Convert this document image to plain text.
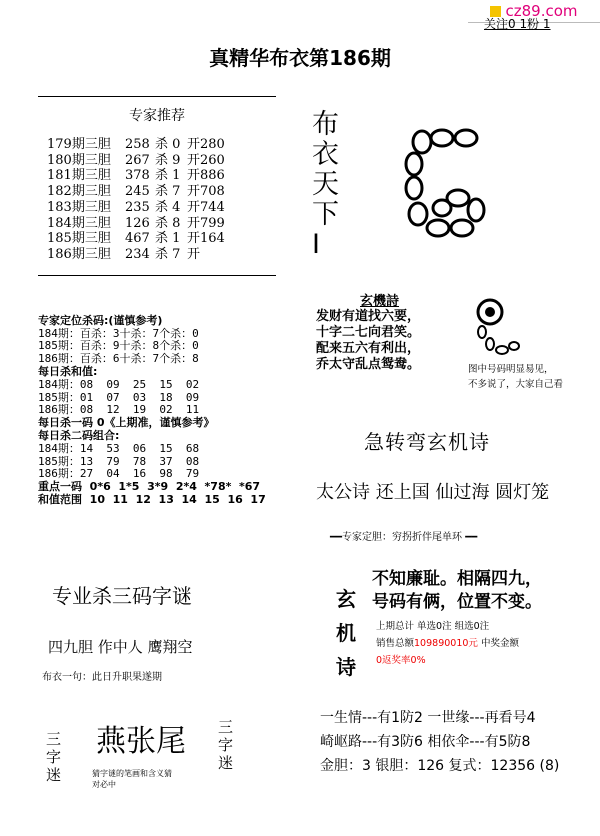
cz89.com
关注0 1粉 1
真精华布衣第186期
专家推荐
179期三胆 258 杀 0 开280
180期三胆 267 杀 9 开260
181期三胆 378 杀 1 开886
182期三胆 245 杀 7 开708
183期三胆 235 杀 4 开744
184期三胆 126 杀 8 开799
185期三胆 467 杀 1 开164
186期三胆 234 杀 7 开
布
衣
天
下
I

专家定位杀码:(谨慎参考)
184期：百杀：3十杀：7个杀：0
185期：百杀：9十杀：8个杀：0
186期：百杀：6十杀：7个杀：8
每日杀和值:
184期：08  09  25  15  02
185期：01  07  03  18  09
186期：08  12  19  02  11
每日杀一码 0《上期准，谨慎参考》
每日杀二码组合:
184期：14  53  06  15  68
185期：13  79  78  37  08
186期：27  04  16  98  79
重点一码  0*6  1*5  3*9  2*4  *78*  *67
和值范围  10  11  12  13  14  15  16  17

玄機詩
发财有道找六要，
十字二七向君笑。
配来五六有利出，
乔太守乱点鸳鸯。	图中号码明显易见，
不多说了，大家自己看
急转弯玄机诗
太公诗 还上国 仙过海 圆灯笼
━━专家定胆：穷拐折伴尾单环 ━━
玄
机
诗
不知廉耻。相隔四九，
号码有俩，位置不变。
上期总计 单选0注 组选0注
销售总额109890010元 中奖金额
0返奖率0%
一生情---有1防2 一世缘---再看号4
崎岖路---有3防6 相依伞---有5防8
金胆：3 银胆：126 复式：12356 (8)
专业杀三码字谜
四九胆 作中人 鹰翔空
布衣一句：此日升职果遂期
三
字
迷
燕张尾 三
字
迷
猜字谜的笔画和含义猜
对必中
